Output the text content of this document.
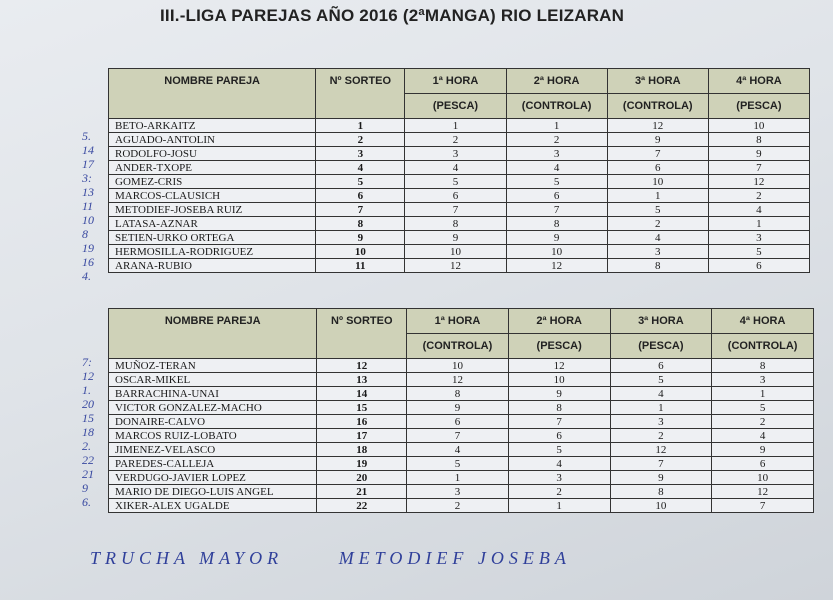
III.-LIGA PAREJAS AÑO 2016 (2ªMANGA) RIO LEIZARAN
5.
14
17
3:
13
11
10
8
19
16
4.
7:
12
1.
20
15
18
2.
22
21
9
6.
NOMBRE PAREJA	Nº SORTEO	1ª HORA	2ª HORA	3ª HORA	4ª HORA
		(PESCA)	(CONTROLA)	(CONTROLA)	(PESCA)
BETO-ARKAITZ	1	1	1	12	10
AGUADO-ANTOLIN	2	2	2	9	8
RODOLFO-JOSU	3	3	3	7	9
ANDER-TXOPE	4	4	4	6	7
GOMEZ-CRIS	5	5	5	10	12
MARCOS-CLAUSICH	6	6	6	1	2
METODIEF-JOSEBA RUIZ	7	7	7	5	4
LATASA-AZNAR	8	8	8	2	1
SETIEN-URKO ORTEGA	9	9	9	4	3
HERMOSILLA-RODRIGUEZ	10	10	10	3	5
ARANA-RUBIO	11	12	12	8	6
NOMBRE PAREJA	Nº SORTEO	1ª HORA	2ª HORA	3ª HORA	4ª HORA
		(CONTROLA)	(PESCA)	(PESCA)	(CONTROLA)
MUÑOZ-TERAN	12	10	12	6	8
OSCAR-MIKEL	13	12	10	5	3
BARRACHINA-UNAI	14	8	9	4	1
VICTOR GONZALEZ-MACHO	15	9	8	1	5
DONAIRE-CALVO	16	6	7	3	2
MARCOS RUIZ-LOBATO	17	7	6	2	4
JIMENEZ-VELASCO	18	4	5	12	9
PAREDES-CALLEJA	19	5	4	7	6
VERDUGO-JAVIER LOPEZ	20	1	3	9	10
MARIO DE DIEGO-LUIS ANGEL	21	3	2	8	12
XIKER-ALEX UGALDE	22	2	1	10	7
TRUCHA MAYOR	METODIEF JOSEBA
